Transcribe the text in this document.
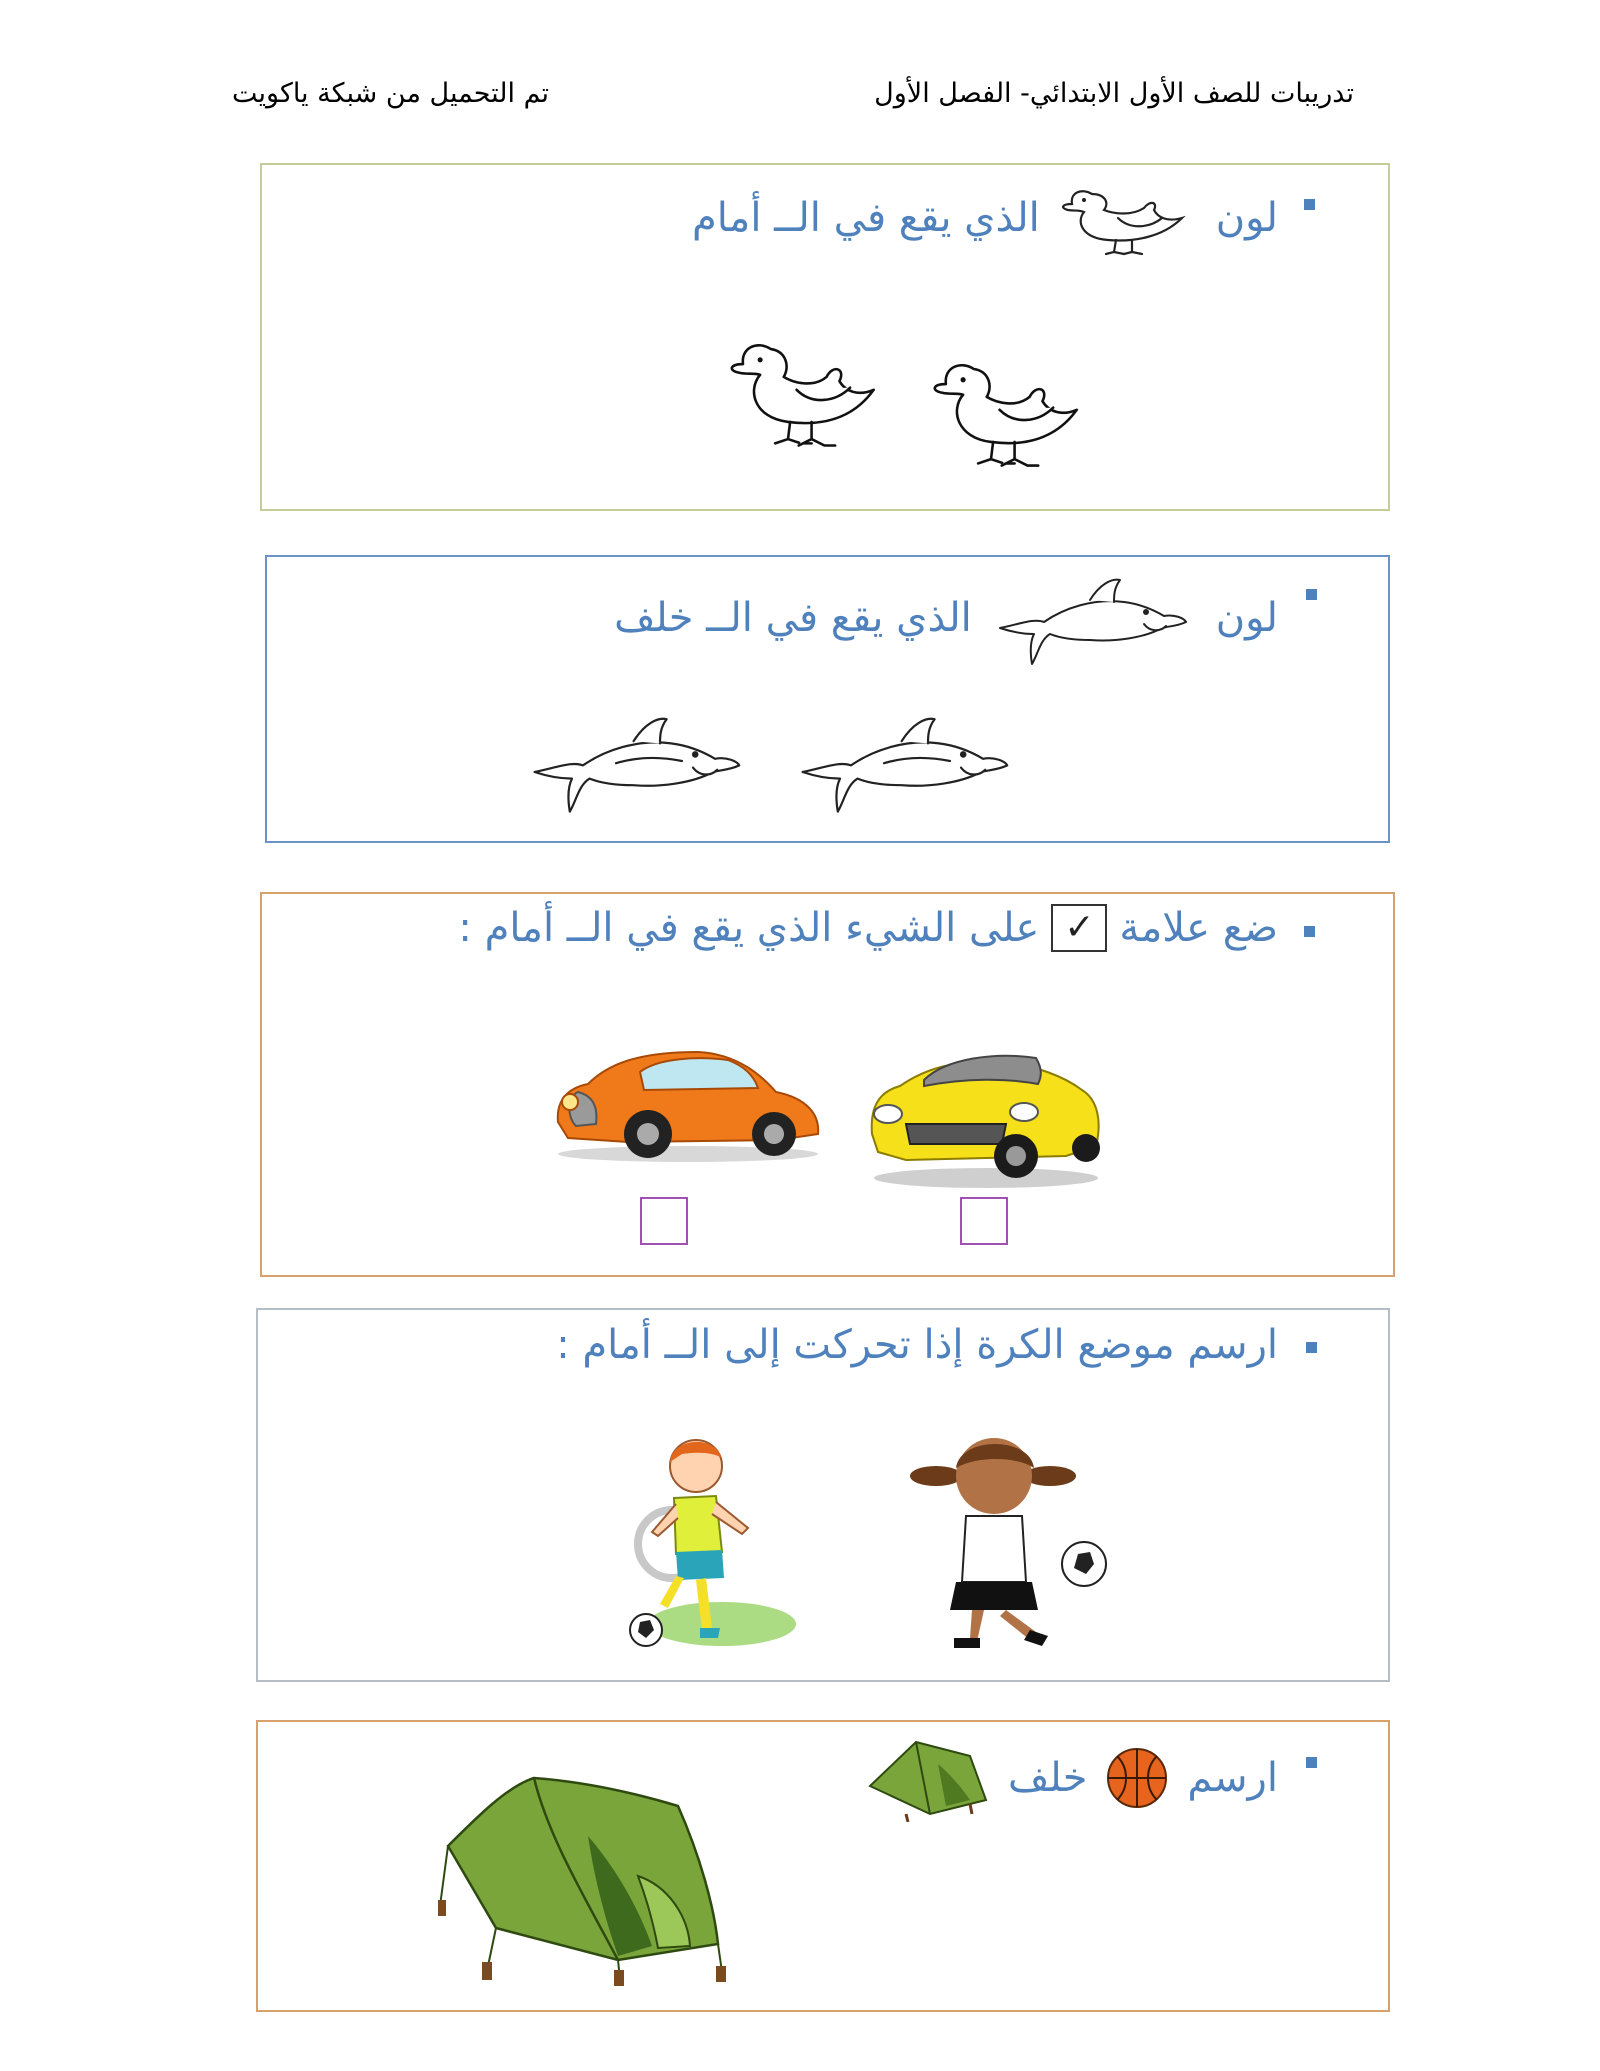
تدريبات للصف الأول الابتدائي- الفصل الأول
تم التحميل من شبكة ياكويت
لون
الذي يقع في الــ أمام
لون
الذي يقع في الــ خلف
ضع علامة
✓
على الشيء الذي يقع في الــ أمام :
ارسم موضع الكرة إذا تحركت إلى الــ أمام :
ارسم
خلف
